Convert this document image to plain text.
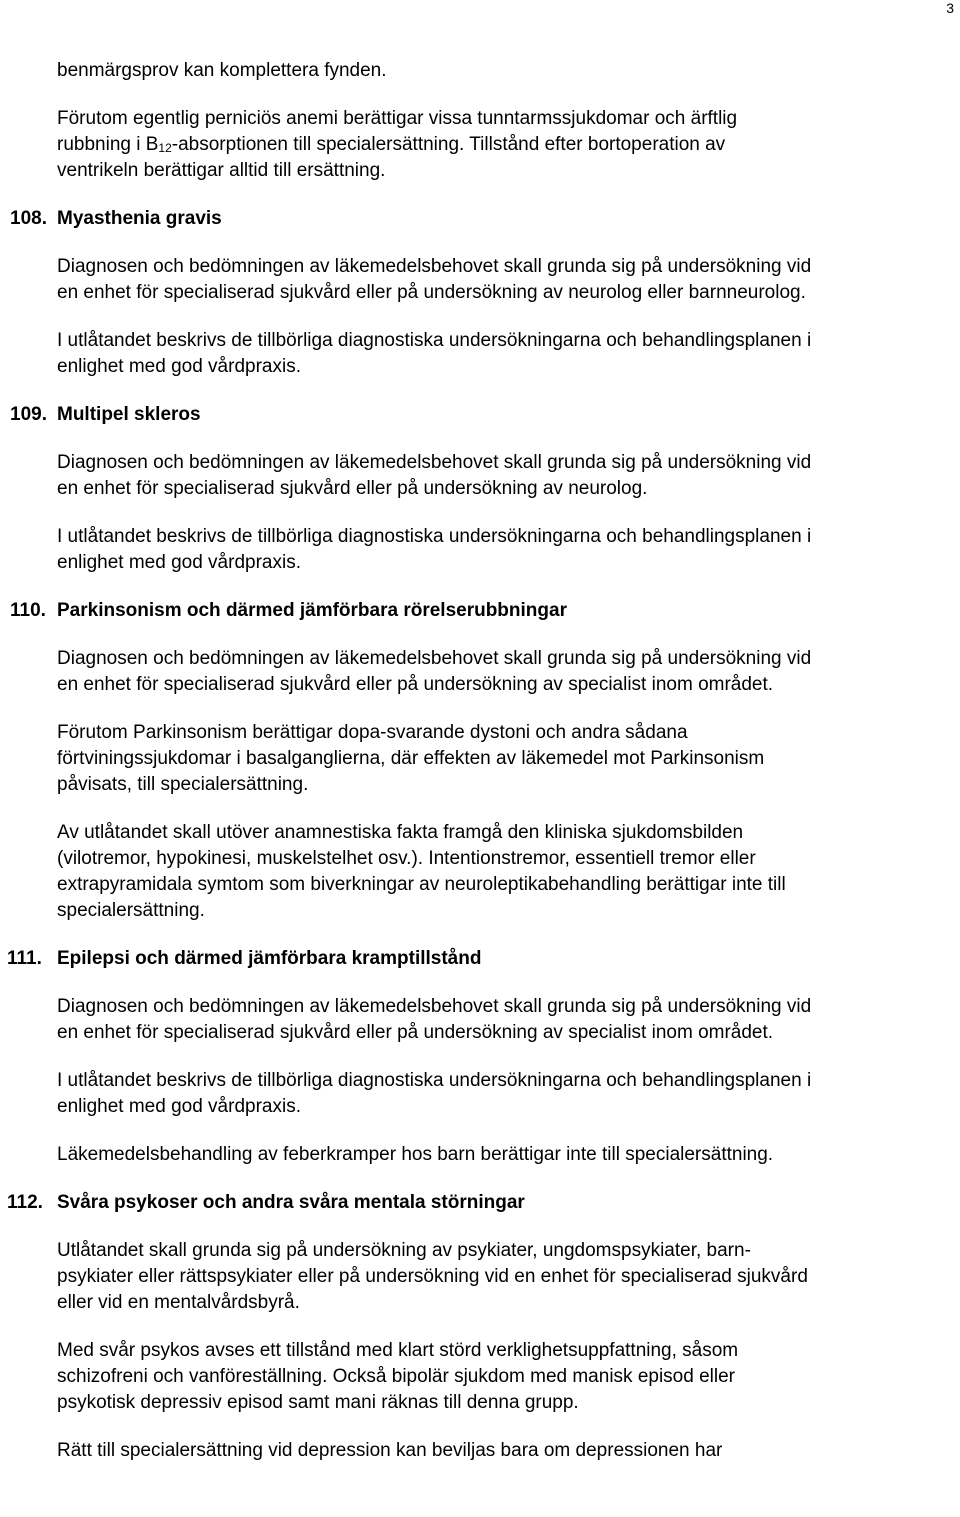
3
benmärgsprov kan komplettera fynden.
Förutom egentlig perniciös anemi berättigar vissa tunntarmssjukdomar och ärftlig
rubbning i $B_{12}$-absorptionen till specialersättning. Tillstånd efter bortoperation av
ventrikeln berättigar alltid till ersättning.
108. Myasthenia gravis
Diagnosen och bedömningen av läkemedelsbehovet skall grunda sig på undersökning vid
en enhet för specialiserad sjukvård eller på undersökning av neurolog eller barnneurolog.
I utlåtandet beskrivs de tillbörliga diagnostiska undersökningarna och behandlingsplanen i
enlighet med god vårdpraxis.
109. Multipel skleros
Diagnosen och bedömningen av läkemedelsbehovet skall grunda sig på undersökning vid
en enhet för specialiserad sjukvård eller på undersökning av neurolog.
I utlåtandet beskrivs de tillbörliga diagnostiska undersökningarna och behandlingsplanen i
enlighet med god vårdpraxis.
110. Parkinsonism och därmed jämförbara rörelserubbningar
Diagnosen och bedömningen av läkemedelsbehovet skall grunda sig på undersökning vid
en enhet för specialiserad sjukvård eller på undersökning av specialist inom området.
Förutom Parkinsonism berättigar dopa-svarande dystoni och andra sådana
förtviningssjukdomar i basalganglierna, där effekten av läkemedel mot Parkinsonism
påvisats, till specialersättning.
Av utlåtandet skall utöver anamnestiska fakta framgå den kliniska sjukdomsbilden
(vilotremor, hypokinesi, muskelstelhet osv.). Intentionstremor, essentiell tremor eller
extrapyramidala symtom som biverkningar av neuroleptikabehandling berättigar inte till
specialersättning.
111. Epilepsi och därmed jämförbara kramptillstånd
Diagnosen och bedömningen av läkemedelsbehovet skall grunda sig på undersökning vid
en enhet för specialiserad sjukvård eller på undersökning av specialist inom området.
I utlåtandet beskrivs de tillbörliga diagnostiska undersökningarna och behandlingsplanen i
enlighet med god vårdpraxis.
Läkemedelsbehandling av feberkramper hos barn berättigar inte till specialersättning.
112. Svåra psykoser och andra svåra mentala störningar
Utlåtandet skall grunda sig på undersökning av psykiater, ungdomspsykiater, barn-
psykiater eller rättspsykiater eller på undersökning vid en enhet för specialiserad sjukvård
eller vid en mentalvårdsbyrå.
Med svår psykos avses ett tillstånd med klart störd verklighetsuppfattning, såsom
schizofreni och vanföreställning. Också bipolär sjukdom med manisk episod eller
psykotisk depressiv episod samt mani räknas till denna grupp.
Rätt till specialersättning vid depression kan beviljas bara om depressionen har
